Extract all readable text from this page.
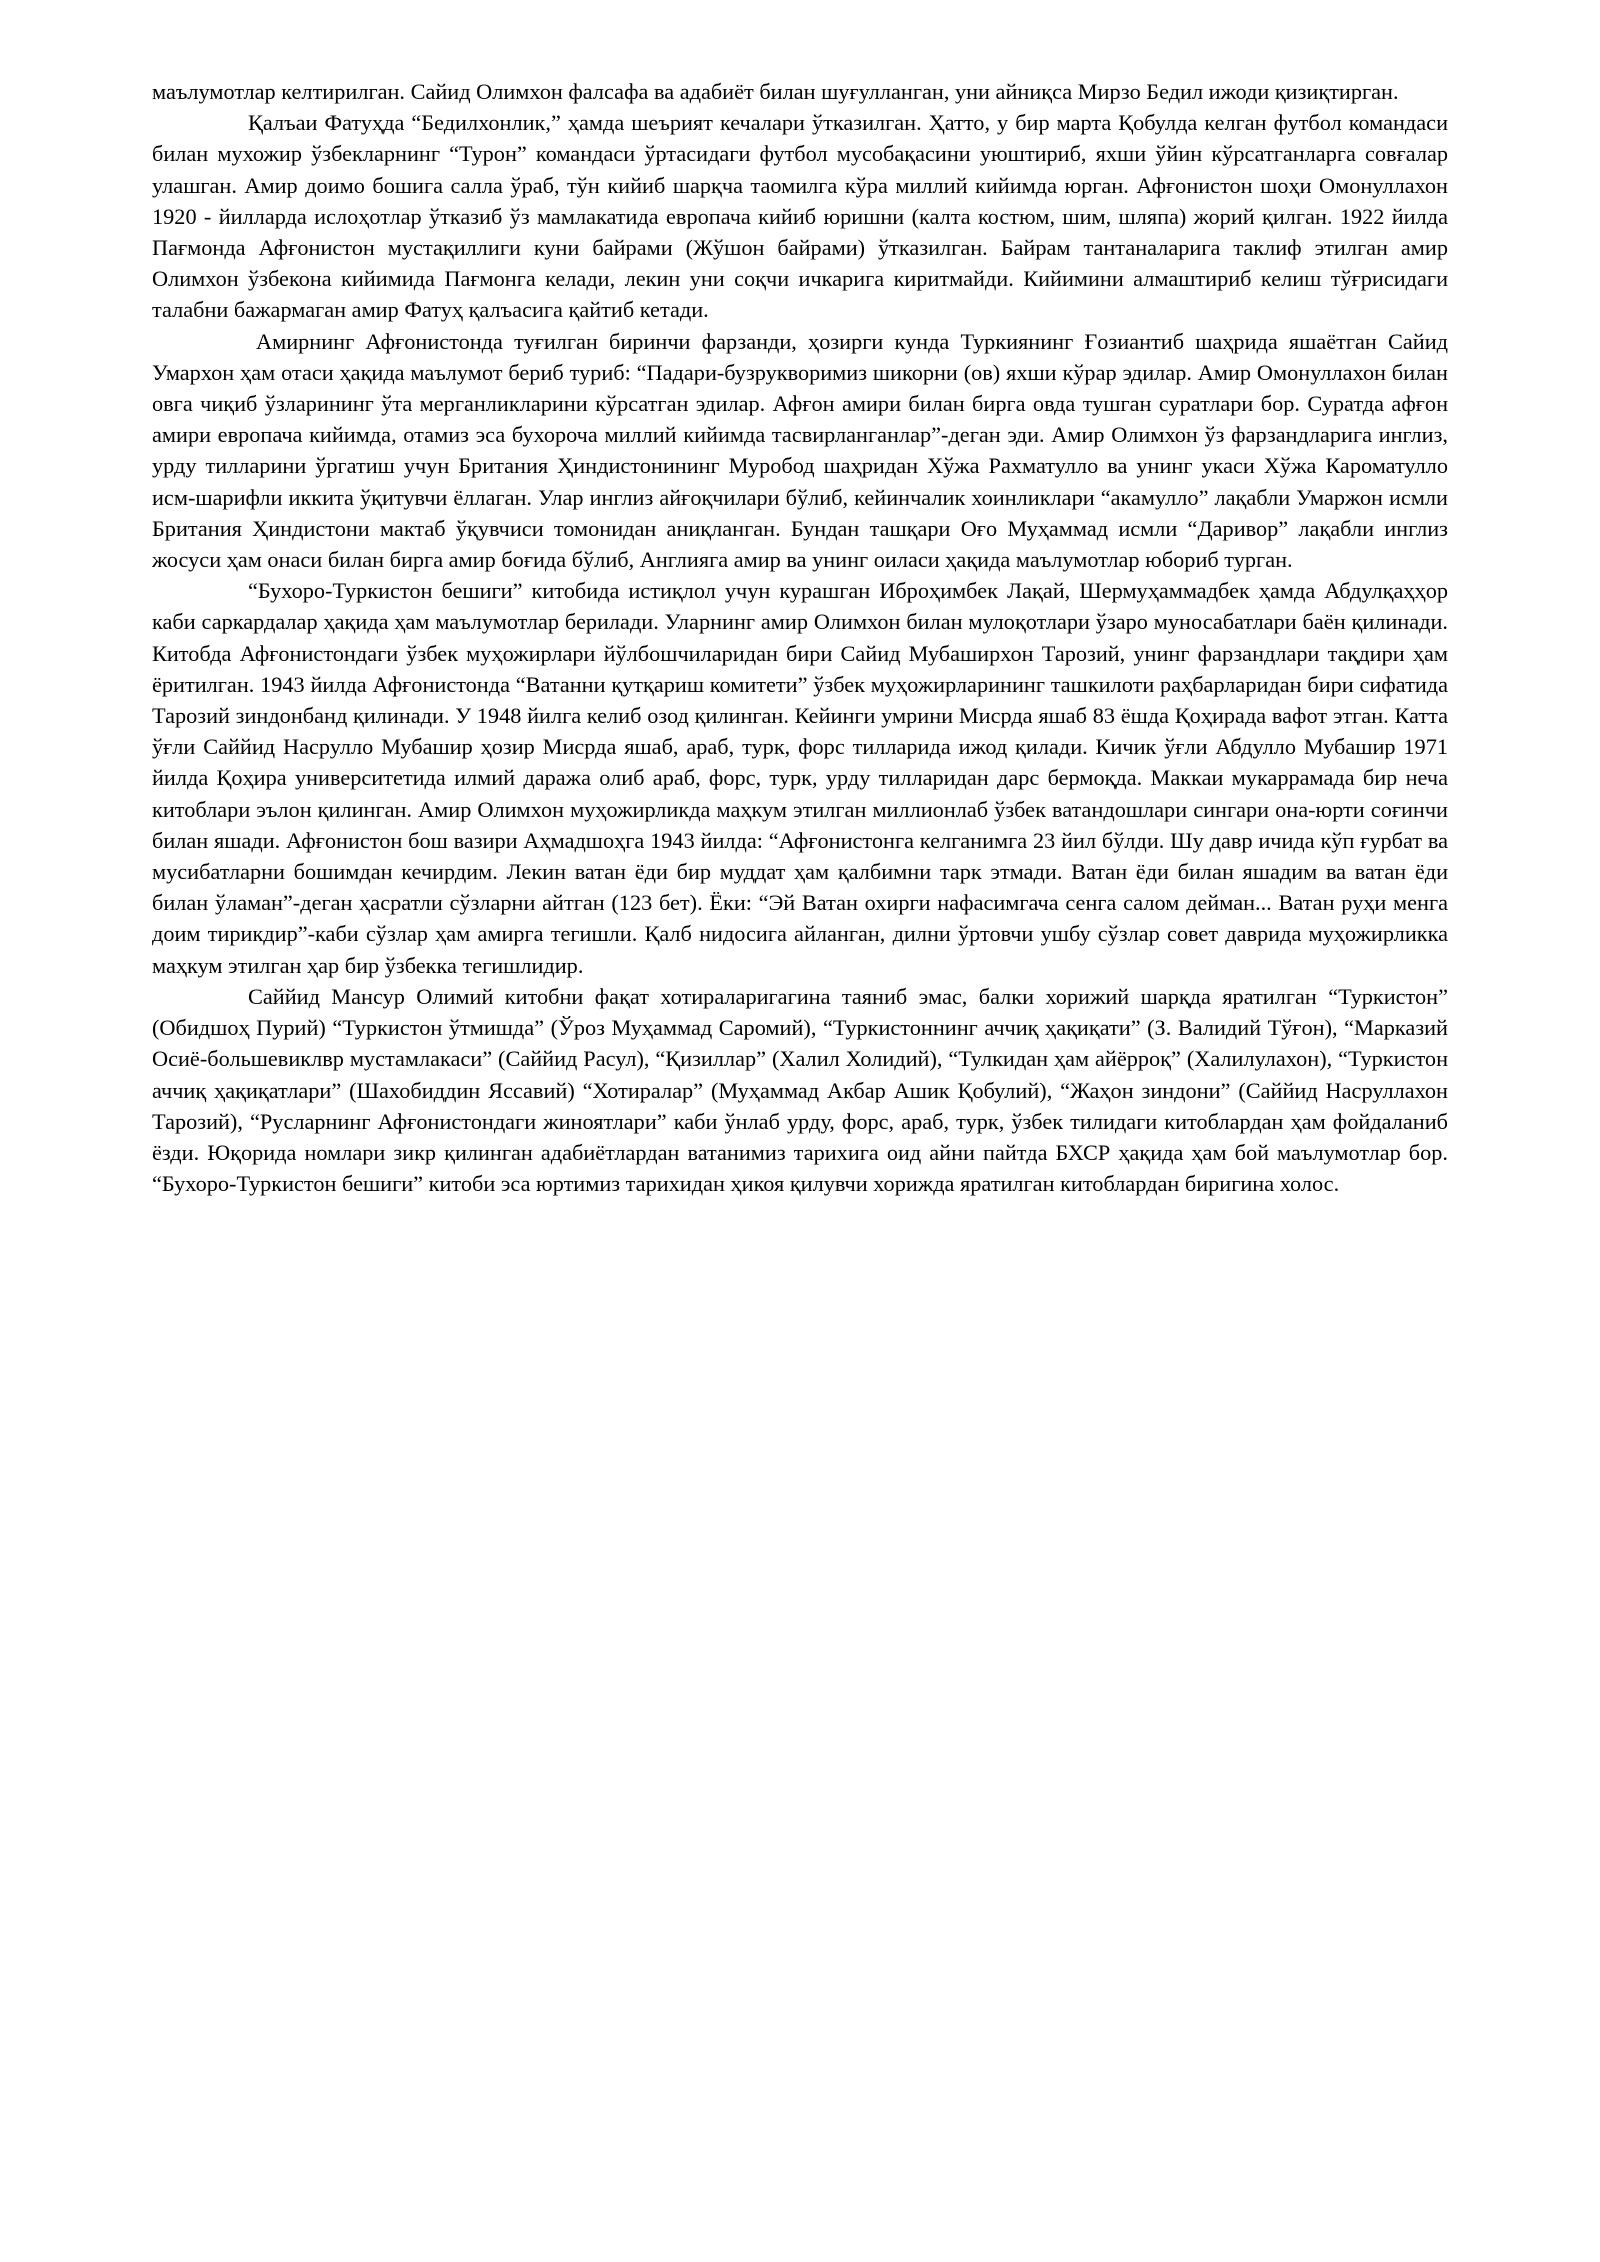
маълумотлар келтирилган. Сайид Олимхон фалсафа ва адабиёт билан шуғулланган, уни айниқса Мирзо Бедил ижоди қизиқтирган.

Қалъаи Фатуҳда “Бедилхонлик,” ҳамда шеърият кечалари ўтказилган. Ҳатто, у бир марта Қобулда келган футбол командаси билан мухожир ўзбекларнинг “Турон” командаси ўртасидаги футбол мусобақасини уюштириб, яхши ўйин кўрсатганларга совғалар улашган. Амир доимо бошига салла ўраб, тўн кийиб шарқча таомилга кўра миллий кийимда юрган. Афғонистон шоҳи Омонуллахон 1920 - йилларда ислоҳотлар ўтказиб ўз мамлакатида европача кийиб юришни (калта костюм, шим, шляпа) жорий қилган. 1922 йилда Пағмонда Афғонистон мустақиллиги куни байрами (Жўшон байрами) ўтказилган. Байрам тантаналарига таклиф этилган амир Олимхон ўзбекона кийимида Пағмонга келади, лекин уни соқчи ичкарига киритмайди. Кийимини алмаштириб келиш тўғрисидаги талабни бажармаган амир Фатуҳ қалъасига қайтиб кетади.

Амирнинг Афғонистонда туғилган биринчи фарзанди, ҳозирги кунда Туркиянинг Ғозиантиб шаҳрида яшаётган Сайид Умархон ҳам отаси ҳақида маълумот бериб туриб: “Падари-бузрукворимиз шикорни (ов) яхши кўрар эдилар. Амир Омонуллахон билан овга чиқиб ўзларининг ўта мерганликларини кўрсатган эдилар. Афғон амири билан бирга овда тушган суратлари бор. Суратда афғон амири европача кийимда, отамиз эса бухороча миллий кийимда тасвирланганлар”-деган эди. Амир Олимхон ўз фарзандларига инглиз, урду тилларини ўргатиш учун Британия Ҳиндистонининг Муробод шаҳридан Хўжа Рахматулло ва унинг укаси Хўжа Кароматулло исм-шарифли иккита ўқитувчи ёллаган. Улар инглиз айғоқчилари бўлиб, кейинчалик хоинликлари “акамулло” лақабли Умаржон исмли Британия Ҳиндистони мактаб ўқувчиси томонидан аниқланган. Бундан ташқари Оғо Муҳаммад исмли “Даривор” лақабли инглиз жосуси ҳам онаси билан бирга амир боғида бўлиб, Англияга амир ва унинг оиласи ҳақида маълумотлар юбориб турган.

“Бухоро-Туркистон бешиги” китобида истиқлол учун курашган Иброҳимбек Лақай, Шермуҳаммадбек ҳамда Абдулқаҳҳор каби саркардалар ҳақида ҳам маълумотлар берилади. Уларнинг амир Олимхон билан мулоқотлари ўзаро муносабатлари баён қилинади. Китобда Афғонистондаги ўзбек муҳожирлари йўлбошчиларидан бири Сайид Мубаширхон Тарозий, унинг фарзандлари тақдири ҳам ёритилган. 1943 йилда Афғонистонда “Ватанни қутқариш комитети” ўзбек муҳожирларининг ташкилоти раҳбарларидан бири сифатида Тарозий зиндонбанд қилинади. У 1948 йилга келиб озод қилинган. Кейинги умрини Мисрда яшаб 83 ёшда Қоҳирада вафот этган. Катта ўғли Саййид Насрулло Мубашир ҳозир Мисрда яшаб, араб, турк, форс тилларида ижод қилади. Кичик ўғли Абдулло Мубашир 1971 йилда Қоҳира университетида илмий даража олиб араб, форс, турк, урду тилларидан дарс бермоқда. Маккаи мукаррамада бир неча китоблари эълон қилинган. Амир Олимхон муҳожирликда маҳкум этилган миллионлаб ўзбек ватандошлари сингари она-юрти соғинчи билан яшади. Афғонистон бош вазири Аҳмадшоҳга 1943 йилда: “Афғонистонга келганимга 23 йил бўлди. Шу давр ичида кўп ғурбат ва мусибатларни бошимдан кечирдим. Лекин ватан ёди бир муддат ҳам қалбимни тарк этмади. Ватан ёди билан яшадим ва ватан ёди билан ўламан”-деган ҳасратли сўзларни айтган (123 бет). Ёки: “Эй Ватан охирги нафасимгача сенга салом дейман... Ватан руҳи менга доим тирикдир”-каби сўзлар ҳам амирга тегишли. Қалб нидосига айланган, дилни ўртовчи ушбу сўзлар совет даврида муҳожирликка маҳкум этилган ҳар бир ўзбекка тегишлидир.

Саййид Мансур Олимий китобни фақат хотираларигагина таяниб эмас, балки хорижий шарқда яратилган “Туркистон” (Обидшоҳ Пурий) “Туркистон ўтмишда” (Ўроз Муҳаммад Саромий), “Туркистоннинг аччиқ ҳақиқати” (З. Валидий Тўғон), “Марказий Осиё-большевиклвр мустамлакаси” (Саййид Расул), “Қизиллар” (Халил Холидий), “Тулкидан ҳам айёрроқ” (Халилулахон), “Туркистон аччиқ ҳақиқатлари” (Шахобиддин Яссавий) “Хотиралар” (Муҳаммад Акбар Ашик Қобулий), “Жаҳон зиндони” (Саййид Насруллахон Тарозий), “Русларнинг Афғонистондаги жиноятлари” каби ўнлаб урду, форс, араб, турк, ўзбек тилидаги китоблардан ҳам фойдаланиб ёзди. Юқорида номлари зикр қилинган адабиётлардан ватанимиз тарихига оид айни пайтда БХСР ҳақида ҳам бой маълумотлар бор. “Бухоро-Туркистон бешиги” китоби эса юртимиз тарихидан ҳикоя қилувчи хорижда яратилган китоблардан биригина холос.
